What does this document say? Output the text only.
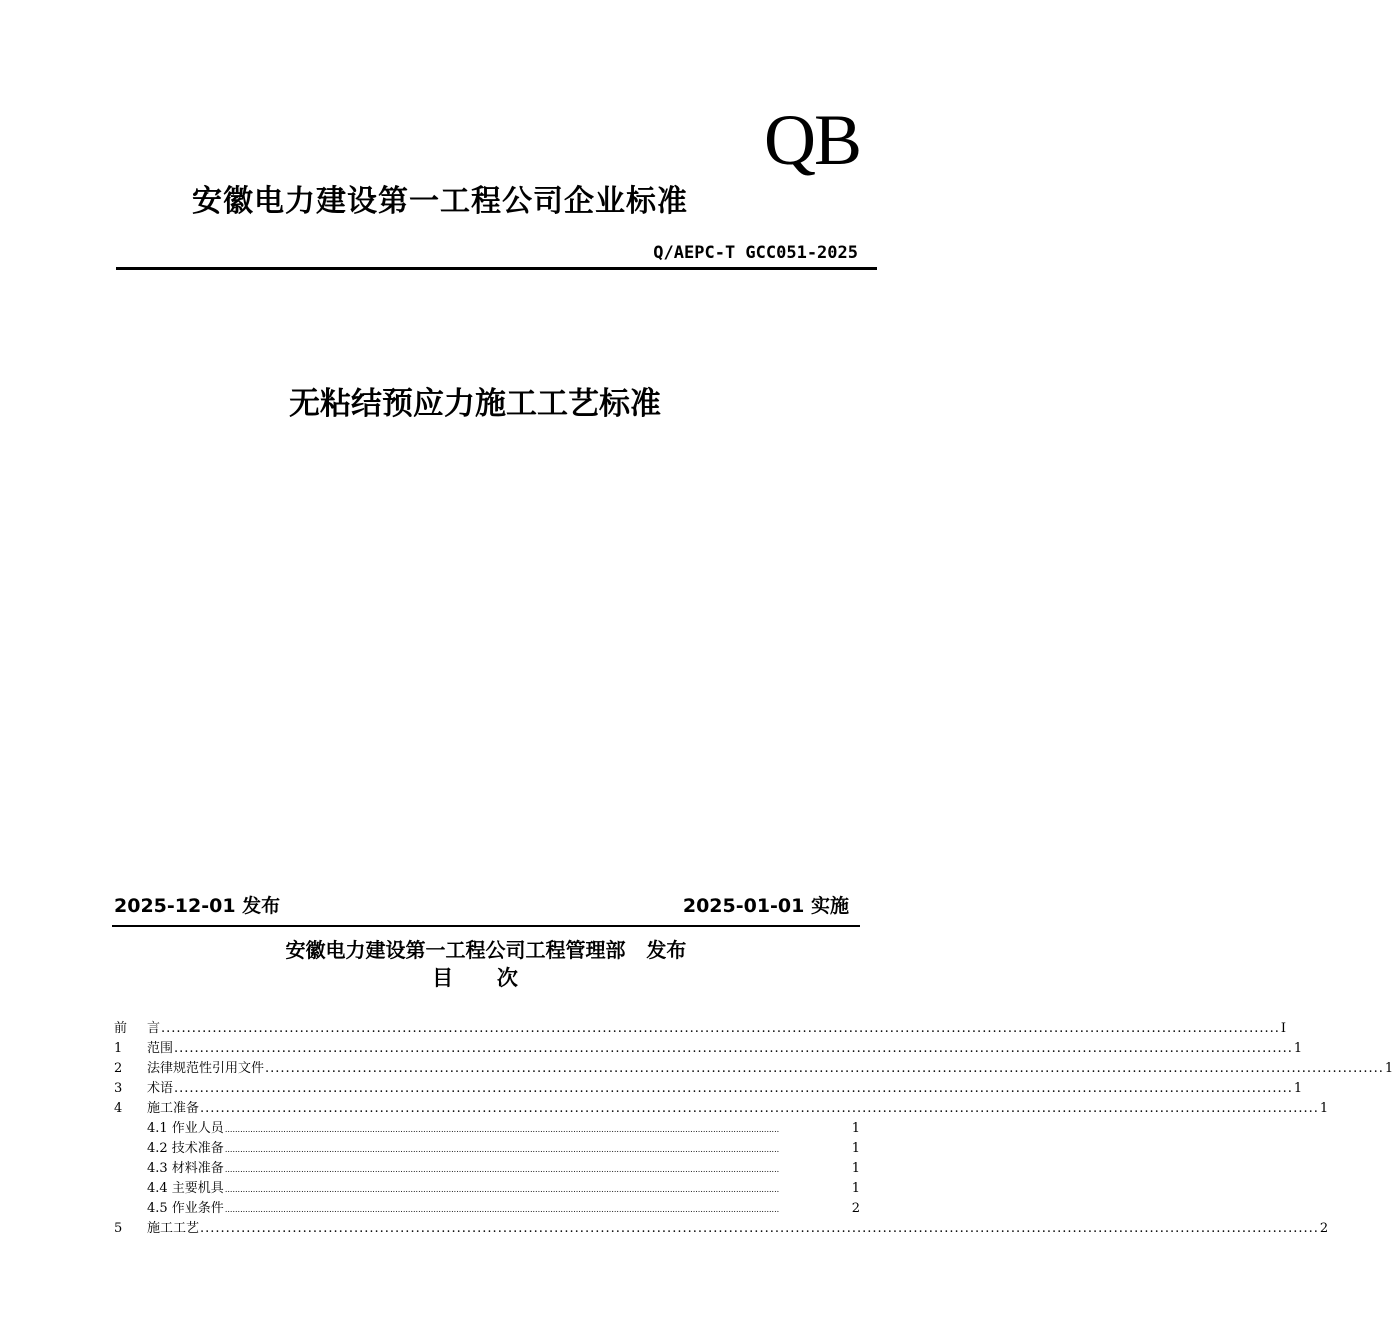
QB
安徽电力建设第一工程公司企业标准
Q/AEPC-T GCC051-2025
无粘结预应力施工工艺标准
2025-12-01 发布	2025-01-01 实施
安徽电力建设第一工程公司工程管理部   发布
目      次
前	言 .......................................................................................................................................................................................................................... I
1	范围 .......................................................................................................................................................................................................................... 1
2	法律规范性引用文件 .......................................................................................................................................................................................................................... 1
3	术语 .......................................................................................................................................................................................................................... 1
4	施工准备 .......................................................................................................................................................................................................................... 1
4.1 作业人员 ..........................................................................................................................................................................................................................	1
4.2 技术准备 ..........................................................................................................................................................................................................................	1
4.3 材料准备 ..........................................................................................................................................................................................................................	1
4.4 主要机具 ..........................................................................................................................................................................................................................	1
4.5 作业条件 ..........................................................................................................................................................................................................................	2
5	施工工艺 .......................................................................................................................................................................................................................... 2
